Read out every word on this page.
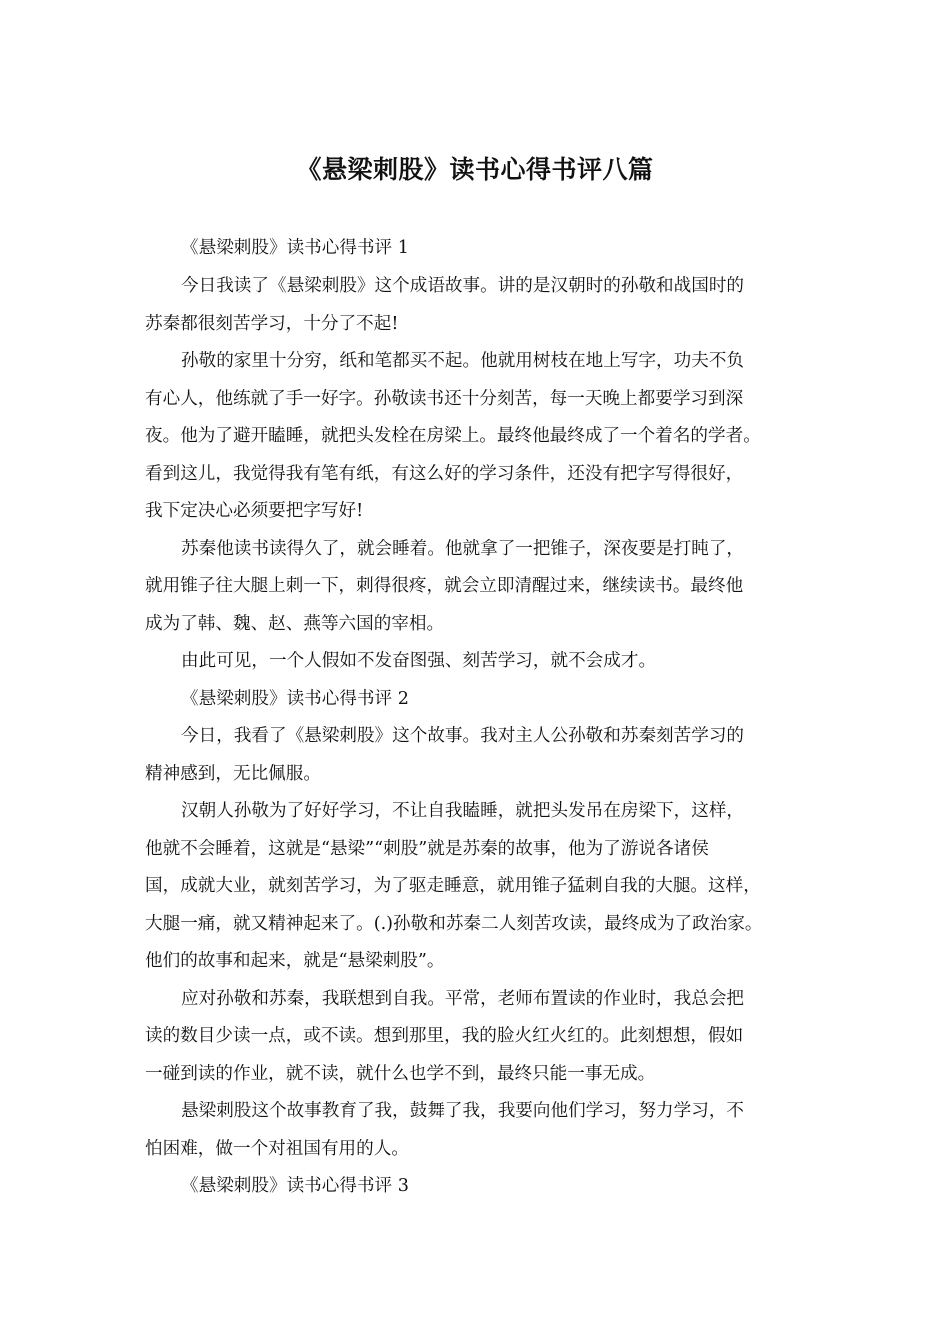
《悬梁刺股》读书心得书评八篇
《悬梁刺股》读书心得书评 1
今日我读了《悬梁刺股》这个成语故事。讲的是汉朝时的孙敬和战国时的
苏秦都很刻苦学习，十分了不起!
孙敬的家里十分穷，纸和笔都买不起。他就用树枝在地上写字，功夫不负
有心人，他练就了手一好字。孙敬读书还十分刻苦，每一天晚上都要学习到深
夜。他为了避开瞌睡，就把头发栓在房梁上。最终他最终成了一个着名的学者。
看到这儿，我觉得我有笔有纸，有这么好的学习条件，还没有把字写得很好，
我下定决心必须要把字写好!
苏秦他读书读得久了，就会睡着。他就拿了一把锥子，深夜要是打盹了，
就用锥子往大腿上刺一下，刺得很疼，就会立即清醒过来，继续读书。最终他
成为了韩、魏、赵、燕等六国的宰相。
由此可见，一个人假如不发奋图强、刻苦学习，就不会成才。
《悬梁刺股》读书心得书评 2
今日，我看了《悬梁刺股》这个故事。我对主人公孙敬和苏秦刻苦学习的
精神感到，无比佩服。
汉朝人孙敬为了好好学习，不让自我瞌睡，就把头发吊在房梁下，这样，
他就不会睡着，这就是“悬梁”“刺股”就是苏秦的故事，他为了游说各诸侯
国，成就大业，就刻苦学习，为了驱走睡意，就用锥子猛刺自我的大腿。这样，
大腿一痛，就又精神起来了。(.)孙敬和苏秦二人刻苦攻读，最终成为了政治家。
他们的故事和起来，就是“悬梁刺股”。
应对孙敬和苏秦，我联想到自我。平常，老师布置读的作业时，我总会把
读的数目少读一点，或不读。想到那里，我的脸火红火红的。此刻想想，假如
一碰到读的作业，就不读，就什么也学不到，最终只能一事无成。
悬梁刺股这个故事教育了我，鼓舞了我，我要向他们学习，努力学习，不
怕困难，做一个对祖国有用的人。
《悬梁刺股》读书心得书评 3
